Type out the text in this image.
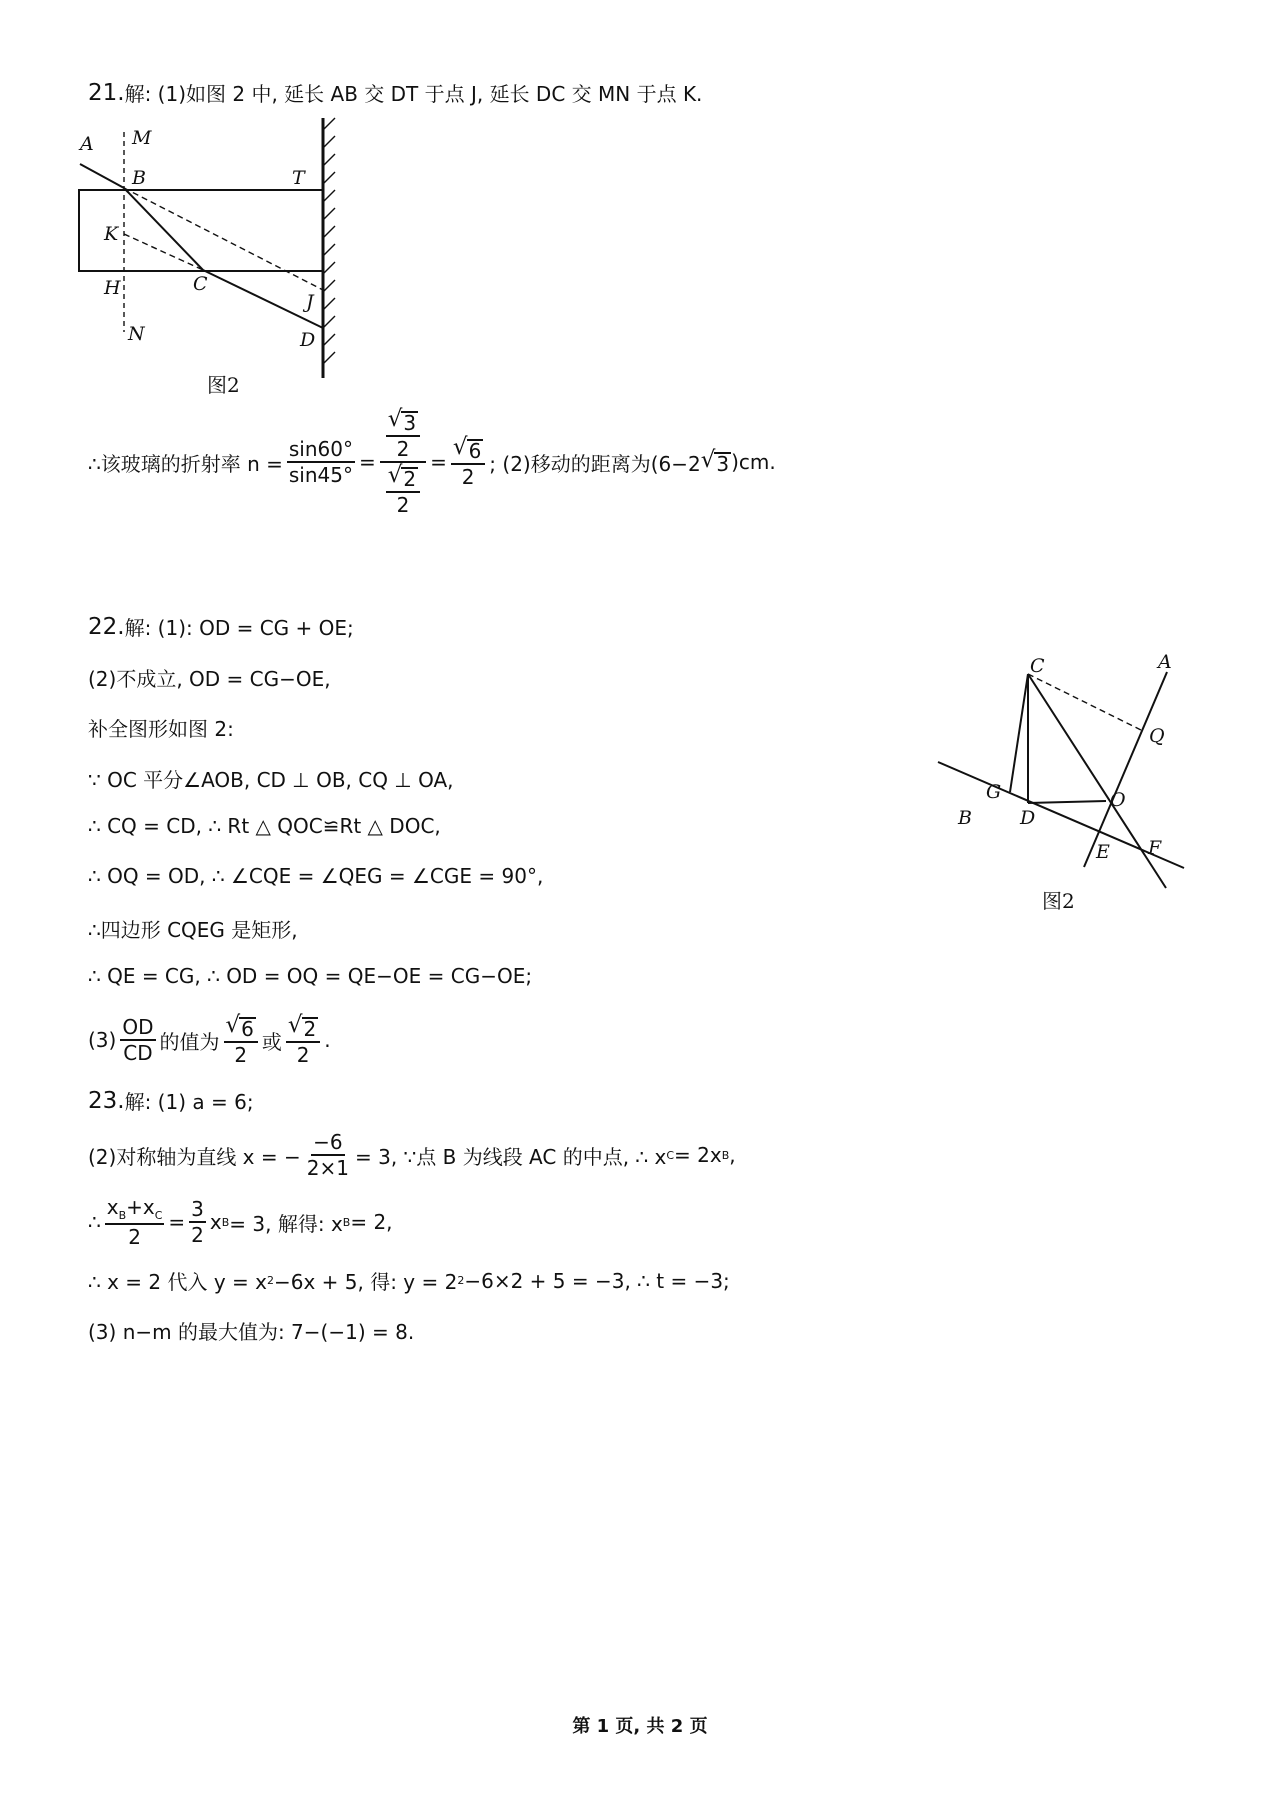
21. 解: (1)如图 2 中, 延长 AB 交 DT 于点 J, 延长 DC 交 MN 于点 K.
A M
B	T
K
H	C
J
N	D
图2
∴该玻璃的折射率 $n = \frac{\sin 60^\circ}{\sin 45^\circ} = \frac{\frac{√ 3}{2}}{\frac{√ 2}{2}} = \frac{√ 6}{2}$ ; (2)移动的距离为(6−2 √ 3 )cm.
22. 解: (1): OD = CG + OE;
(2)不成立, OD = CG−OE,
补全图形如图 2:
∵ OC 平分∠AOB, CD ⊥ OB, CQ ⊥ OA,
∴ CQ = CD, ∴ Rt △ QOC≌Rt △ DOC,
∴ OQ = OD, ∴ ∠CQE = ∠QEG = ∠CGE = 90°,
∴四边形 CQEG 是矩形,
∴ QE = CG, ∴ OD = OQ = QE−OE = CG−OE;
$(3) \frac{OD}{CD}$ 的值为 $\frac{√ 6}{2}$ 或 $\frac{√ 2}{2}$ .
C	A
Q
G	O
B	D
E F
图2
23. 解: (1) a = 6;
(2)对称轴为直线 x = − $\frac{-6}{2\times 1} = 3$, ∵点 B 为线段 AC 的中点, ∴ x C = 2x B ,
∴ $\frac{x_B+x_C}{2} = \frac{3}{2}$ x B = 3, 解得: x B = 2,
∴ x = 2 代入 y = x 2 −6x + 5, 得: y = 2 2 −6×2 + 5 = −3, ∴ t = −3;
(3) n−m 的最大值为: 7−(−1) = 8.
第 1 页, 共 2 页
